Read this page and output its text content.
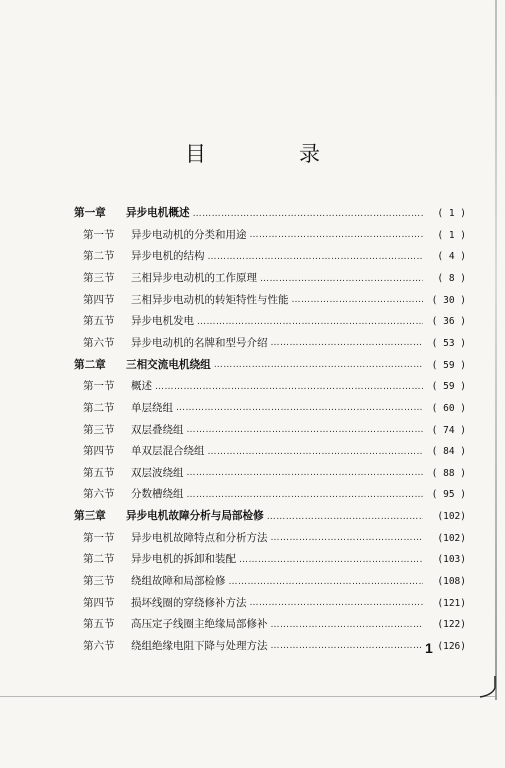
目　录
第一章	异步电机概述 ……………………………………………………………………………………………………………………………………………………………………………………………………………………	( 1 )
第一节	异步电动机的分类和用途 ……………………………………………………………………………………………………………………………………………………………………………………………………………………	( 1 )
第二节	异步电机的结构 ……………………………………………………………………………………………………………………………………………………………………………………………………………………	( 4 )
第三节	三相异步电动机的工作原理 ……………………………………………………………………………………………………………………………………………………………………………………………………………………	( 8 )
第四节	三相异步电动机的转矩特性与性能 ……………………………………………………………………………………………………………………………………………………………………………………………………………………	( 30 )
第五节	异步电机发电 ……………………………………………………………………………………………………………………………………………………………………………………………………………………	( 36 )
第六节	异步电动机的名牌和型号介绍 ……………………………………………………………………………………………………………………………………………………………………………………………………………………	( 53 )
第二章	三相交流电机绕组 ……………………………………………………………………………………………………………………………………………………………………………………………………………………	( 59 )
第一节	概述 ……………………………………………………………………………………………………………………………………………………………………………………………………………………	( 59 )
第二节	单层绕组 ……………………………………………………………………………………………………………………………………………………………………………………………………………………	( 60 )
第三节	双层叠绕组 ……………………………………………………………………………………………………………………………………………………………………………………………………………………	( 74 )
第四节	单双层混合绕组 ……………………………………………………………………………………………………………………………………………………………………………………………………………………	( 84 )
第五节	双层波绕组 ……………………………………………………………………………………………………………………………………………………………………………………………………………………	( 88 )
第六节	分数槽绕组 ……………………………………………………………………………………………………………………………………………………………………………………………………………………	( 95 )
第三章	异步电机故障分析与局部检修 ……………………………………………………………………………………………………………………………………………………………………………………………………………………	(102)
第一节	异步电机故障特点和分析方法 ……………………………………………………………………………………………………………………………………………………………………………………………………………………	(102)
第二节	异步电机的拆卸和装配 ……………………………………………………………………………………………………………………………………………………………………………………………………………………	(103)
第三节	绕组故障和局部检修 ……………………………………………………………………………………………………………………………………………………………………………………………………………………	(108)
第四节	损坏线圈的穿绕修补方法 ……………………………………………………………………………………………………………………………………………………………………………………………………………………	(121)
第五节	高压定子线圈主绝缘局部修补 ……………………………………………………………………………………………………………………………………………………………………………………………………………………	(122)
第六节	绕组绝缘电阻下降与处理方法 ……………………………………………………………………………………………………………………………………………………………………………………………………………………	(126)
1
